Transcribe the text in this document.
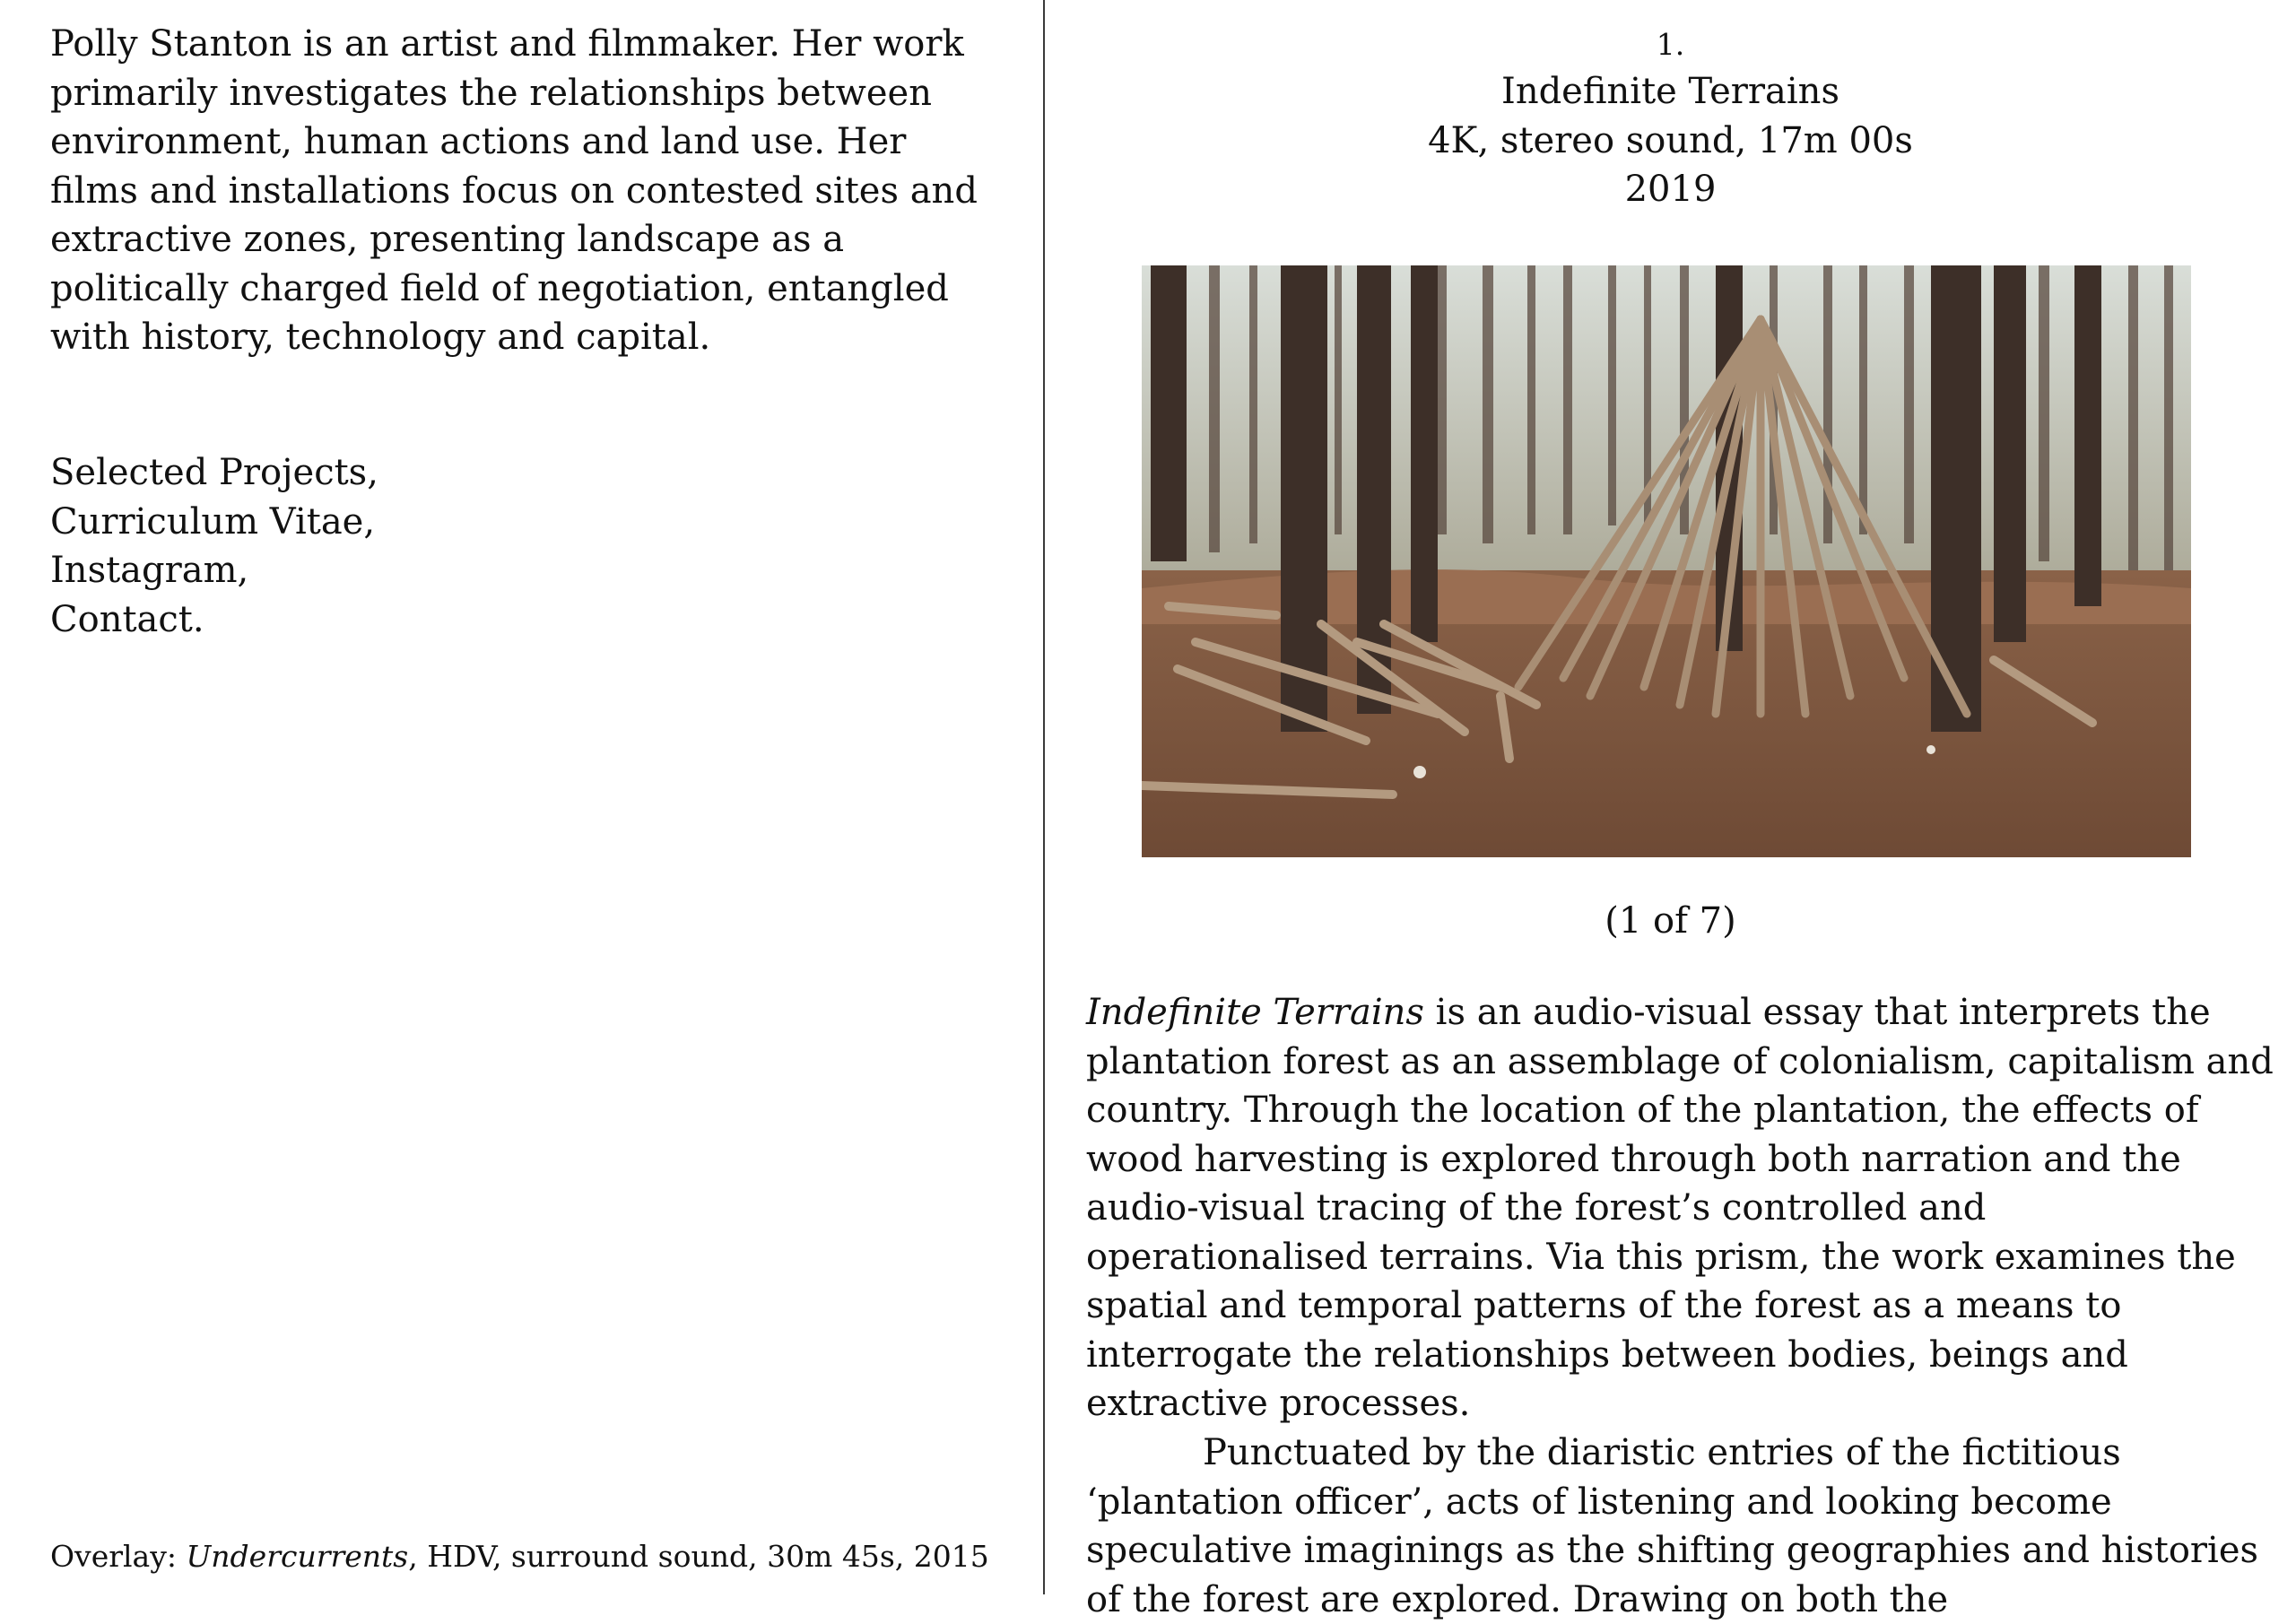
Polly Stanton is an artist and filmmaker. Her work primarily investigates the relationships between environment, human actions and land use. Her films and installations focus on contested sites and extractive zones, presenting landscape as a politically charged field of negotiation, entangled with history, technology and capital.

Selected Projects,
Curriculum Vitae,
Instagram,
Contact.
Overlay: Undercurrents, HDV, surround sound, 30m 45s, 2015
1.
Indefinite Terrains
4K, stereo sound, 17m 00s
2019
(1 of 7)

Indefinite Terrains is an audio-visual essay that interprets the plantation forest as an assemblage of colonialism, capitalism and country. Through the location of the plantation, the effects of wood harvesting is explored through both narration and the audio-visual tracing of the forest’s controlled and operationalised terrains. Via this prism, the work examines the spatial and temporal patterns of the forest as a means to interrogate the relationships between bodies, beings and extractive processes.

Punctuated by the diaristic entries of the fictitious ‘plantation officer’, acts of listening and looking become speculative imaginings as the shifting geographies and histories of the forest are explored. Drawing on both the
